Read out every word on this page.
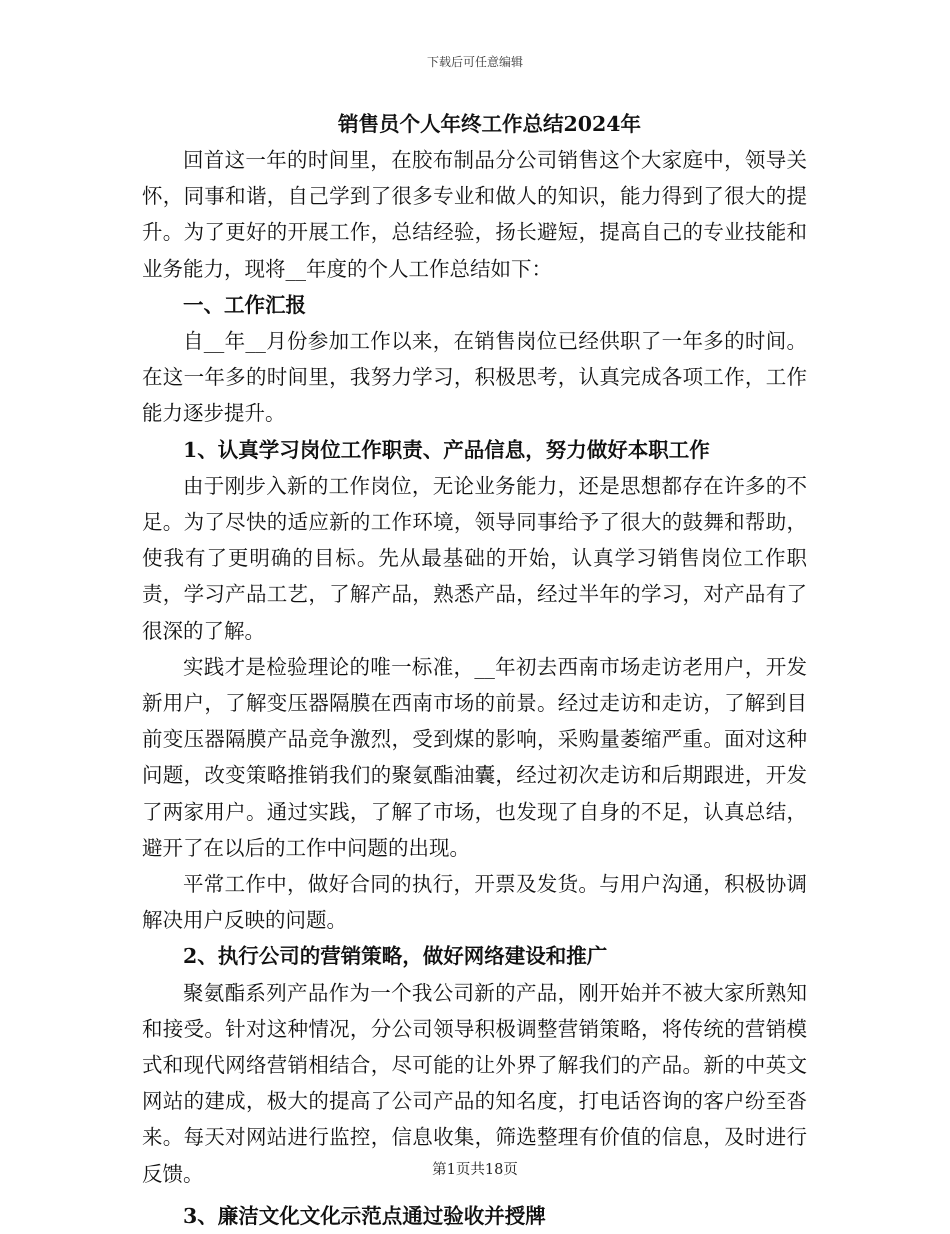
下载后可任意编辑
销售员个人年终工作总结2024年

回首这一年的时间里，在胶布制品分公司销售这个大家庭中，领导关怀，同事和谐，自己学到了很多专业和做人的知识，能力得到了很大的提升。为了更好的开展工作，总结经验，扬长避短，提高自己的专业技能和业务能力，现将__年度的个人工作总结如下：

一、工作汇报

自__年__月份参加工作以来，在销售岗位已经供职了一年多的时间。在这一年多的时间里，我努力学习，积极思考，认真完成各项工作，工作能力逐步提升。

1、认真学习岗位工作职责、产品信息，努力做好本职工作

由于刚步入新的工作岗位，无论业务能力，还是思想都存在许多的不足。为了尽快的适应新的工作环境，领导同事给予了很大的鼓舞和帮助，使我有了更明确的目标。先从最基础的开始，认真学习销售岗位工作职责，学习产品工艺，了解产品，熟悉产品，经过半年的学习，对产品有了很深的了解。

实践才是检验理论的唯一标准，__年初去西南市场走访老用户，开发新用户，了解变压器隔膜在西南市场的前景。经过走访和走访，了解到目前变压器隔膜产品竞争激烈，受到煤的影响，采购量萎缩严重。面对这种问题，改变策略推销我们的聚氨酯油囊，经过初次走访和后期跟进，开发了两家用户。通过实践，了解了市场，也发现了自身的不足，认真总结，避开了在以后的工作中问题的出现。

平常工作中，做好合同的执行，开票及发货。与用户沟通，积极协调解决用户反映的问题。

2、执行公司的营销策略，做好网络建设和推广

聚氨酯系列产品作为一个我公司新的产品，刚开始并不被大家所熟知和接受。针对这种情况，分公司领导积极调整营销策略，将传统的营销模式和现代网络营销相结合，尽可能的让外界了解我们的产品。新的中英文网站的建成，极大的提高了公司产品的知名度，打电话咨询的客户纷至沓来。每天对网站进行监控，信息收集，筛选整理有价值的信息，及时进行反馈。

3、廉洁文化文化示范点通过验收并授牌

第1页共18页
